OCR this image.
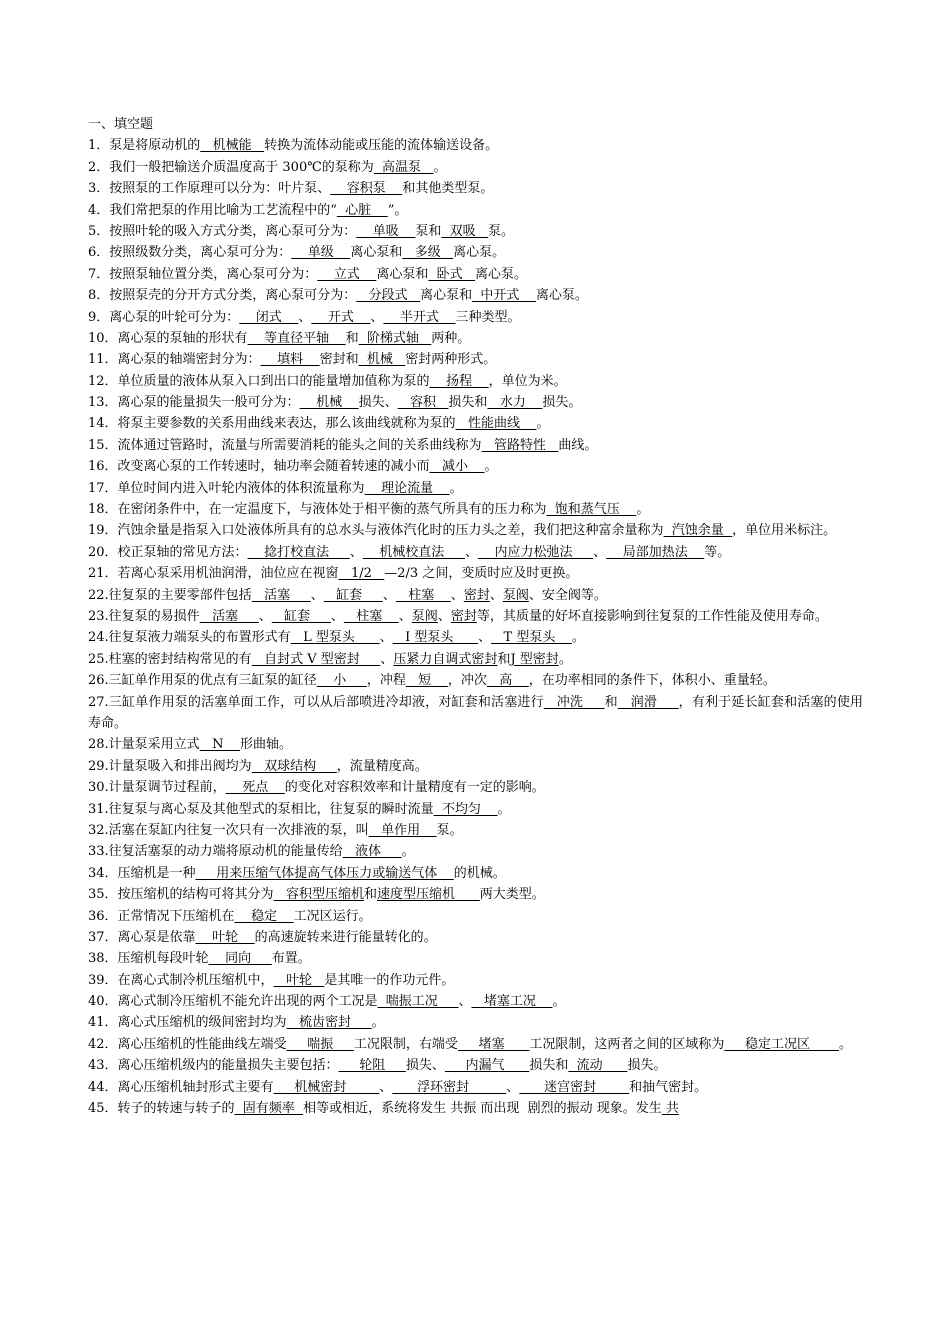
一、填空题
1．泵是将原动机的   机械能   转换为流体动能或压能的流体输送设备。
2．我们一般把输送介质温度高于 300℃的泵称为  高温泵   。
3．按照泵的工作原理可以分为：叶片泵、    容积泵    和其他类型泵。
4．我们常把泵的作用比喻为工艺流程中的“  心脏    ”。
5．按照叶轮的吸入方式分类，离心泵可分为：    单吸    泵和  双吸   泵。
6．按照级数分类，离心泵可分为：    单级    离心泵和   多级   离心泵。
7．按照泵轴位置分类，离心泵可分为：    立式    离心泵和  卧式   离心泵。
8．按照泵壳的分开方式分类，离心泵可分为：   分段式   离心泵和  中开式    离心泵。
9．离心泵的叶轮可分为：    闭式    、    开式    、    半开式    三种类型。
10．离心泵的泵轴的形状有    等直径平轴    和  阶梯式轴   两种。
11．离心泵的轴端密封分为：    填料    密封和  机械   密封两种形式。
12．单位质量的液体从泵入口到出口的能量增加值称为泵的    扬程    ，单位为米。
13．离心泵的能量损失一般可分为：    机械    损失、   容积   损失和   水力    损失。
14．将泵主要参数的关系用曲线来表达，那么该曲线就称为泵的   性能曲线    。
15．流体通过管路时，流量与所需要消耗的能头之间的关系曲线称为   管路特性   曲线。
16．改变离心泵的工作转速时，轴功率会随着转速的减小而   减小    。
17．单位时间内进入叶轮内液体的体积流量称为    理论流量    。
18．在密闭条件中，在一定温度下，与液体处于相平衡的蒸气所具有的压力称为  饱和蒸气压    。
19．汽蚀余量是指泵入口处液体所具有的总水头与液体汽化时的压力头之差，我们把这种富余量称为  汽蚀余量  ，单位用米标注。
20．校正泵轴的常见方法：    捻打校直法     、    机械校直法     、    内应力松弛法     、    局部加热法    等。
21．若离心泵采用机油润滑，油位应在视窗   1/2   —2/3 之间，变质时应及时更换。
22.往复泵的主要零部件包括   活塞     、   缸套     、   柱塞    、密封、泵阀、安全阀等。
23.往复泵的易损件   活塞     、   缸套     、   柱塞    、泵阀、密封等，其质量的好坏直接影响到往复泵的工作性能及使用寿命。
24.往复泵液力端泵头的布置形式有   L 型泵头      、   I 型泵头      、   T 型泵头    。
25.柱塞的密封结构常见的有   自封式 V 型密封     、压紧力自调式密封和J 型密封。
26.三缸单作用泵的优点有三缸泵的缸径    小     ，冲程   短    ，冲次   高    ，在功率相同的条件下，体积小、重量轻。
27.三缸单作用泵的活塞单面工作，可以从后部喷进冷却液，对缸套和活塞进行   冲洗     和   润滑     ，有利于延长缸套和活塞的使用寿命。
28.计量泵采用立式   N    形曲轴。
29.计量泵吸入和排出阀均为   双球结构     ，流量精度高。
30.计量泵调节过程前，    死点    的变化对容积效率和计量精度有一定的影响。
31.往复泵与离心泵及其他型式的泵相比，往复泵的瞬时流量  不均匀    。
32.活塞在泵缸内往复一次只有一次排液的泵，叫   单作用    泵。
33.往复活塞泵的动力端将原动机的能量传给   液体     。
34．压缩机是一种     用来压缩气体提高气体压力或输送气体    的机械。
35．按压缩机的结构可将其分为   容积型压缩机和速度型压缩机      两大类型。
36．正常情况下压缩机在    稳定    工况区运行。
37．离心泵是依靠    叶轮    的高速旋转来进行能量转化的。
38．压缩机每段叶轮    同向     布置。
39．在离心式制冷机压缩机中，   叶轮   是其唯一的作功元件。
40．离心式制冷压缩机不能允许出现的两个工况是  喘振工况     、   堵塞工况    。
41．离心式压缩机的级间密封均为   梳齿密封     。
42．离心压缩机的性能曲线左端受     喘振     工况限制，右端受     堵塞      工况限制，这两者之间的区域称为     稳定工况区       。
43．离心压缩机级内的能量损失主要包括：     轮阻     损失、     内漏气      损失和  流动      损失。
44．离心压缩机轴封形式主要有     机械密封        、      浮环密封         、      迷宫密封        和抽气密封。
45．转子的转速与转子的  固有频率  相等或相近，系统将发生 共振 而出现  剧烈的振动 现象。发生 共
